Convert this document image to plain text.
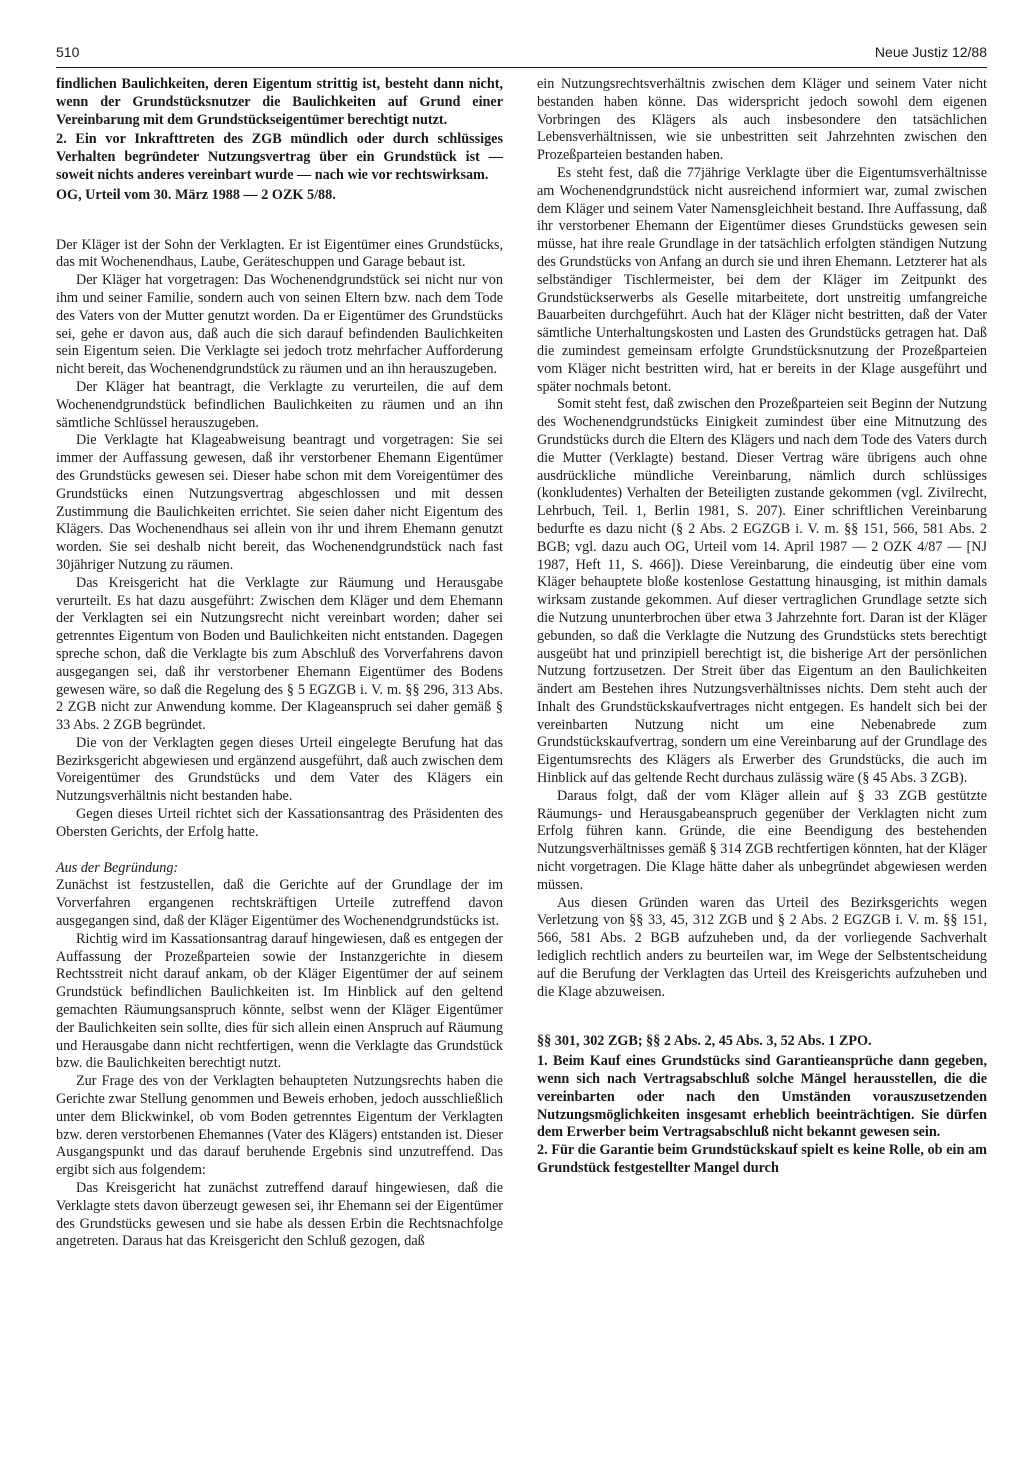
510	Neue Justiz 12/88

findlichen Baulichkeiten, deren Eigentum strittig ist, besteht dann nicht, wenn der Grundstücksnutzer die Baulichkeiten auf Grund einer Vereinbarung mit dem Grundstückseigentümer berechtigt nutzt.

2. Ein vor Inkrafttreten des ZGB mündlich oder durch schlüssiges Verhalten begründeter Nutzungsvertrag über ein Grundstück ist — soweit nichts anderes vereinbart wurde — nach wie vor rechtswirksam.

OG, Urteil vom 30. März 1988 — 2 OZK 5/88.

Der Kläger ist der Sohn der Verklagten. Er ist Eigentümer eines Grundstücks, das mit Wochenendhaus, Laube, Geräteschuppen und Garage bebaut ist.

Der Kläger hat vorgetragen: Das Wochenendgrundstück sei nicht nur von ihm und seiner Familie, sondern auch von seinen Eltern bzw. nach dem Tode des Vaters von der Mutter genutzt worden. Da er Eigentümer des Grundstücks sei, gehe er davon aus, daß auch die sich darauf befindenden Baulichkeiten sein Eigentum seien. Die Verklagte sei jedoch trotz mehrfacher Aufforderung nicht bereit, das Wochenendgrundstück zu räumen und an ihn herauszugeben.

Der Kläger hat beantragt, die Verklagte zu verurteilen, die auf dem Wochenendgrundstück befindlichen Baulichkeiten zu räumen und an ihn sämtliche Schlüssel herauszugeben.

Die Verklagte hat Klageabweisung beantragt und vorgetragen: Sie sei immer der Auffassung gewesen, daß ihr verstorbener Ehemann Eigentümer des Grundstücks gewesen sei. Dieser habe schon mit dem Voreigentümer des Grundstücks einen Nutzungsvertrag abgeschlossen und mit dessen Zustimmung die Baulichkeiten errichtet. Sie seien daher nicht Eigentum des Klägers. Das Wochenendhaus sei allein von ihr und ihrem Ehemann genutzt worden. Sie sei deshalb nicht bereit, das Wochenendgrundstück nach fast 30jähriger Nutzung zu räumen.

Das Kreisgericht hat die Verklagte zur Räumung und Herausgabe verurteilt. Es hat dazu ausgeführt: Zwischen dem Kläger und dem Ehemann der Verklagten sei ein Nutzungsrecht nicht vereinbart worden; daher sei getrenntes Eigentum von Boden und Baulichkeiten nicht entstanden. Dagegen spreche schon, daß die Verklagte bis zum Abschluß des Vorverfahrens davon ausgegangen sei, daß ihr verstorbener Ehemann Eigentümer des Bodens gewesen wäre, so daß die Regelung des § 5 EGZGB i. V. m. §§ 296, 313 Abs. 2 ZGB nicht zur Anwendung komme. Der Klageanspruch sei daher gemäß § 33 Abs. 2 ZGB begründet.

Die von der Verklagten gegen dieses Urteil eingelegte Berufung hat das Bezirksgericht abgewiesen und ergänzend ausgeführt, daß auch zwischen dem Voreigentümer des Grundstücks und dem Vater des Klägers ein Nutzungsverhältnis nicht bestanden habe.

Gegen dieses Urteil richtet sich der Kassationsantrag des Präsidenten des Obersten Gerichts, der Erfolg hatte.

Aus der Begründung:

Zunächst ist festzustellen, daß die Gerichte auf der Grundlage der im Vorverfahren ergangenen rechtskräftigen Urteile zutreffend davon ausgegangen sind, daß der Kläger Eigentümer des Wochenendgrundstücks ist.

Richtig wird im Kassationsantrag darauf hingewiesen, daß es entgegen der Auffassung der Prozeßparteien sowie der Instanzgerichte in diesem Rechtsstreit nicht darauf ankam, ob der Kläger Eigentümer der auf seinem Grundstück befindlichen Baulichkeiten ist. Im Hinblick auf den geltend gemachten Räumungsanspruch könnte, selbst wenn der Kläger Eigentümer der Baulichkeiten sein sollte, dies für sich allein einen Anspruch auf Räumung und Herausgabe dann nicht rechtfertigen, wenn die Verklagte das Grundstück bzw. die Baulichkeiten berechtigt nutzt.

Zur Frage des von der Verklagten behaupteten Nutzungsrechts haben die Gerichte zwar Stellung genommen und Beweis erhoben, jedoch ausschließlich unter dem Blickwinkel, ob vom Boden getrenntes Eigentum der Verklagten bzw. deren verstorbenen Ehemannes (Vater des Klägers) entstanden ist. Dieser Ausgangspunkt und das darauf beruhende Ergebnis sind unzutreffend. Das ergibt sich aus folgendem:

Das Kreisgericht hat zunächst zutreffend darauf hingewiesen, daß die Verklagte stets davon überzeugt gewesen sei, ihr Ehemann sei der Eigentümer des Grundstücks gewesen und sie habe als dessen Erbin die Rechtsnachfolge angetreten. Daraus hat das Kreisgericht den Schluß gezogen, daß

ein Nutzungsrechtsverhältnis zwischen dem Kläger und seinem Vater nicht bestanden haben könne. Das widerspricht jedoch sowohl dem eigenen Vorbringen des Klägers als auch insbesondere den tatsächlichen Lebensverhältnissen, wie sie unbestritten seit Jahrzehnten zwischen den Prozeßparteien bestanden haben.

Es steht fest, daß die 77jährige Verklagte über die Eigentumsverhältnisse am Wochenendgrundstück nicht ausreichend informiert war, zumal zwischen dem Kläger und seinem Vater Namensgleichheit bestand. Ihre Auffassung, daß ihr verstorbener Ehemann der Eigentümer dieses Grundstücks gewesen sein müsse, hat ihre reale Grundlage in der tatsächlich erfolgten ständigen Nutzung des Grundstücks von Anfang an durch sie und ihren Ehemann. Letzterer hat als selbständiger Tischlermeister, bei dem der Kläger im Zeitpunkt des Grundstückserwerbs als Geselle mitarbeitete, dort unstreitig umfangreiche Bauarbeiten durchgeführt. Auch hat der Kläger nicht bestritten, daß der Vater sämtliche Unterhaltungskosten und Lasten des Grundstücks getragen hat. Daß die zumindest gemeinsam erfolgte Grundstücksnutzung der Prozeßparteien vom Kläger nicht bestritten wird, hat er bereits in der Klage ausgeführt und später nochmals betont.

Somit steht fest, daß zwischen den Prozeßparteien seit Beginn der Nutzung des Wochenendgrundstücks Einigkeit zumindest über eine Mitnutzung des Grundstücks durch die Eltern des Klägers und nach dem Tode des Vaters durch die Mutter (Verklagte) bestand. Dieser Vertrag wäre übrigens auch ohne ausdrückliche mündliche Vereinbarung, nämlich durch schlüssiges (konkludentes) Verhalten der Beteiligten zustande gekommen (vgl. Zivilrecht, Lehrbuch, Teil. 1, Berlin 1981, S. 207). Einer schriftlichen Vereinbarung bedurfte es dazu nicht (§ 2 Abs. 2 EGZGB i. V. m. §§ 151, 566, 581 Abs. 2 BGB; vgl. dazu auch OG, Urteil vom 14. April 1987 — 2 OZK 4/87 — [NJ 1987, Heft 11, S. 466]). Diese Vereinbarung, die eindeutig über eine vom Kläger behauptete bloße kostenlose Gestattung hinausging, ist mithin damals wirksam zustande gekommen. Auf dieser vertraglichen Grundlage setzte sich die Nutzung ununterbrochen über etwa 3 Jahrzehnte fort. Daran ist der Kläger gebunden, so daß die Verklagte die Nutzung des Grundstücks stets berechtigt ausgeübt hat und prinzipiell berechtigt ist, die bisherige Art der persönlichen Nutzung fortzusetzen. Der Streit über das Eigentum an den Baulichkeiten ändert am Bestehen ihres Nutzungsverhältnisses nichts. Dem steht auch der Inhalt des Grundstückskaufvertrages nicht entgegen. Es handelt sich bei der vereinbarten Nutzung nicht um eine Nebenabrede zum Grundstückskaufvertrag, sondern um eine Vereinbarung auf der Grundlage des Eigentumsrechts des Klägers als Erwerber des Grundstücks, die auch im Hinblick auf das geltende Recht durchaus zulässig wäre (§ 45 Abs. 3 ZGB).

Daraus folgt, daß der vom Kläger allein auf § 33 ZGB gestützte Räumungs- und Herausgabeanspruch gegenüber der Verklagten nicht zum Erfolg führen kann. Gründe, die eine Beendigung des bestehenden Nutzungsverhältnisses gemäß § 314 ZGB rechtfertigen könnten, hat der Kläger nicht vorgetragen. Die Klage hätte daher als unbegründet abgewiesen werden müssen.

Aus diesen Gründen waren das Urteil des Bezirksgerichts wegen Verletzung von §§ 33, 45, 312 ZGB und § 2 Abs. 2 EGZGB i. V. m. §§ 151, 566, 581 Abs. 2 BGB aufzuheben und, da der vorliegende Sachverhalt lediglich rechtlich anders zu beurteilen war, im Wege der Selbstentscheidung auf die Berufung der Verklagten das Urteil des Kreisgerichts aufzuheben und die Klage abzuweisen.

§§ 301, 302 ZGB; §§ 2 Abs. 2, 45 Abs. 3, 52 Abs. 1 ZPO.

1. Beim Kauf eines Grundstücks sind Garantieansprüche dann gegeben, wenn sich nach Vertragsabschluß solche Mängel herausstellen, die die vereinbarten oder nach den Umständen vorauszusetzenden Nutzungsmöglichkeiten insgesamt erheblich beeinträchtigen. Sie dürfen dem Erwerber beim Vertragsabschluß nicht bekannt gewesen sein.

2. Für die Garantie beim Grundstückskauf spielt es keine Rolle, ob ein am Grundstück festgestellter Mangel durch
